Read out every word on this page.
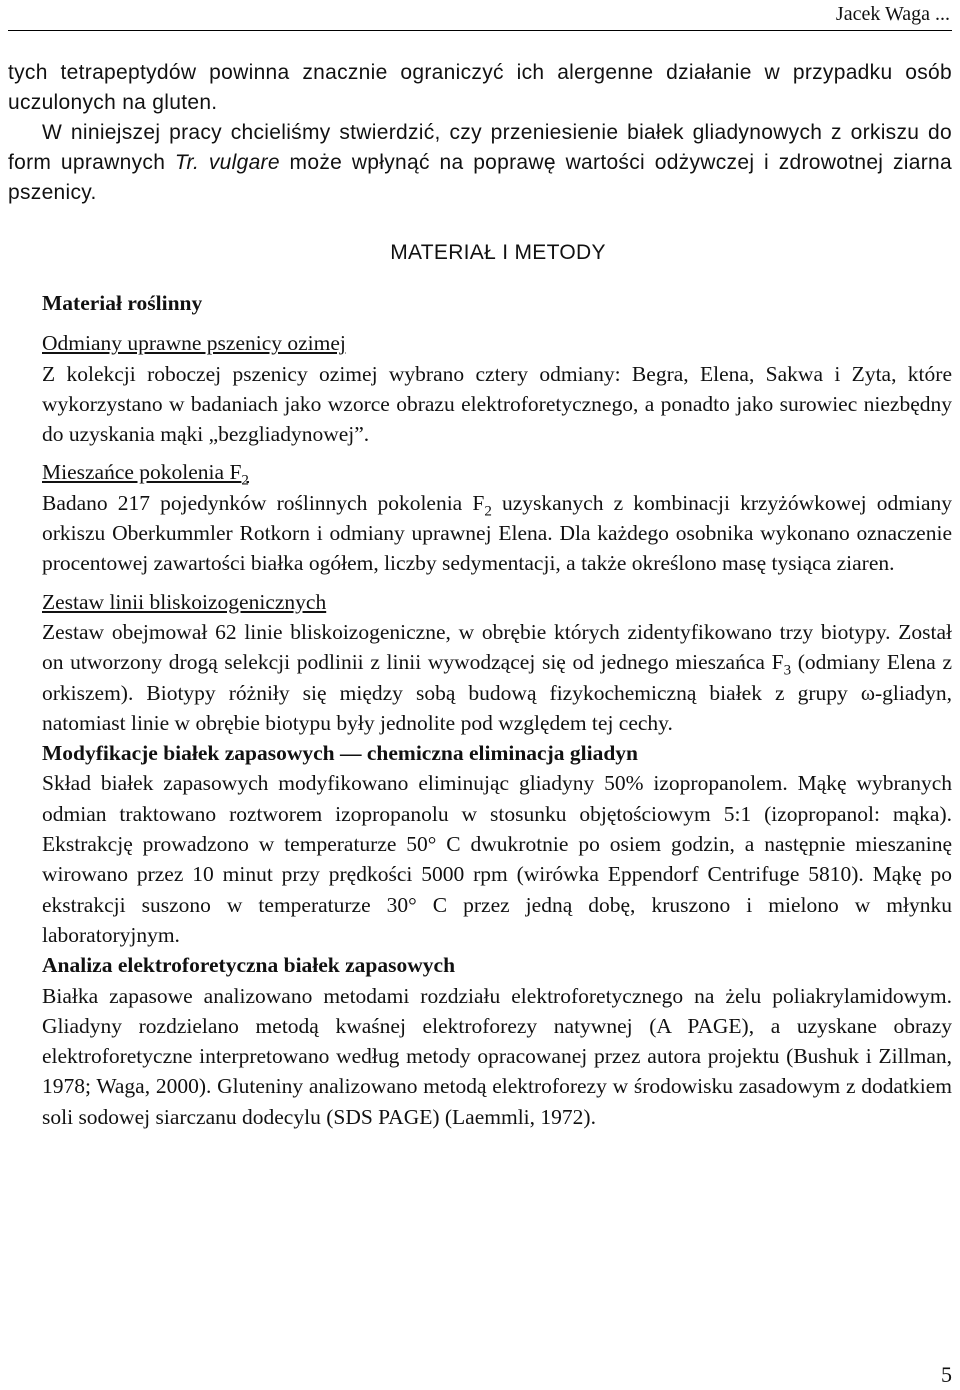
Jacek Waga ...

tych tetrapeptydów powinna znacznie ograniczyć ich alergenne działanie w przypadku osób uczulonych na gluten.

W niniejszej pracy chcieliśmy stwierdzić, czy przeniesienie białek gliadynowych z orkiszu do form uprawnych Tr. vulgare może wpłynąć na poprawę wartości odżywczej i zdrowotnej ziarna pszenicy.

MATERIAŁ I METODY
Materiał roślinny
Odmiany uprawne pszenicy ozimej

Z kolekcji roboczej pszenicy ozimej wybrano cztery odmiany: Begra, Elena, Sakwa i Zyta, które wykorzystano w badaniach jako wzorce obrazu elektroforetycznego, a ponadto jako surowiec niezbędny do uzyskania mąki „bezgliadynowej”.

Mieszańce pokolenia $F_2$

Badano 217 pojedynków roślinnych pokolenia $F_2$ uzyskanych z kombinacji krzyżówkowej odmiany orkiszu Oberkummler Rotkorn i odmiany uprawnej Elena. Dla każdego osobnika wykonano oznaczenie procentowej zawartości białka ogółem, liczby sedymentacji, a także określono masę tysiąca ziaren.

Zestaw linii bliskoizogenicznych

Zestaw obejmował 62 linie bliskoizogeniczne, w obrębie których zidentyfikowano trzy biotypy. Został on utworzony drogą selekcji podlinii z linii wywodzącej się od jednego mieszańca $F_3$ (odmiany Elena z orkiszem). Biotypy różniły się między sobą budową fizykochemiczną białek z grupy ω-gliadyn, natomiast linie w obrębie biotypu były jednolite pod względem tej cechy.

Modyfikacje białek zapasowych — chemiczna eliminacja gliadyn

Skład białek zapasowych modyfikowano eliminując gliadyny 50% izopropanolem. Mąkę wybranych odmian traktowano roztworem izopropanolu w stosunku objętościowym 5:1 (izopropanol: mąka). Ekstrakcję prowadzono w temperaturze 50° C dwukrotnie po osiem godzin, a następnie mieszaninę wirowano przez 10 minut przy prędkości 5000 rpm (wirówka Eppendorf Centrifuge 5810). Mąkę po ekstrakcji suszono w temperaturze 30° C przez jedną dobę, kruszono i mielono w młynku laboratoryjnym.

Analiza elektroforetyczna białek zapasowych

Białka zapasowe analizowano metodami rozdziału elektroforetycznego na żelu poliakrylamidowym. Gliadyny rozdzielano metodą kwaśnej elektroforezy natywnej (A PAGE), a uzyskane obrazy elektroforetyczne interpretowano według metody opracowanej przez autora projektu (Bushuk i Zillman, 1978; Waga, 2000). Gluteniny analizowano metodą elektroforezy w środowisku zasadowym z dodatkiem soli sodowej siarczanu dodecylu (SDS PAGE) (Laemmli, 1972).

5
